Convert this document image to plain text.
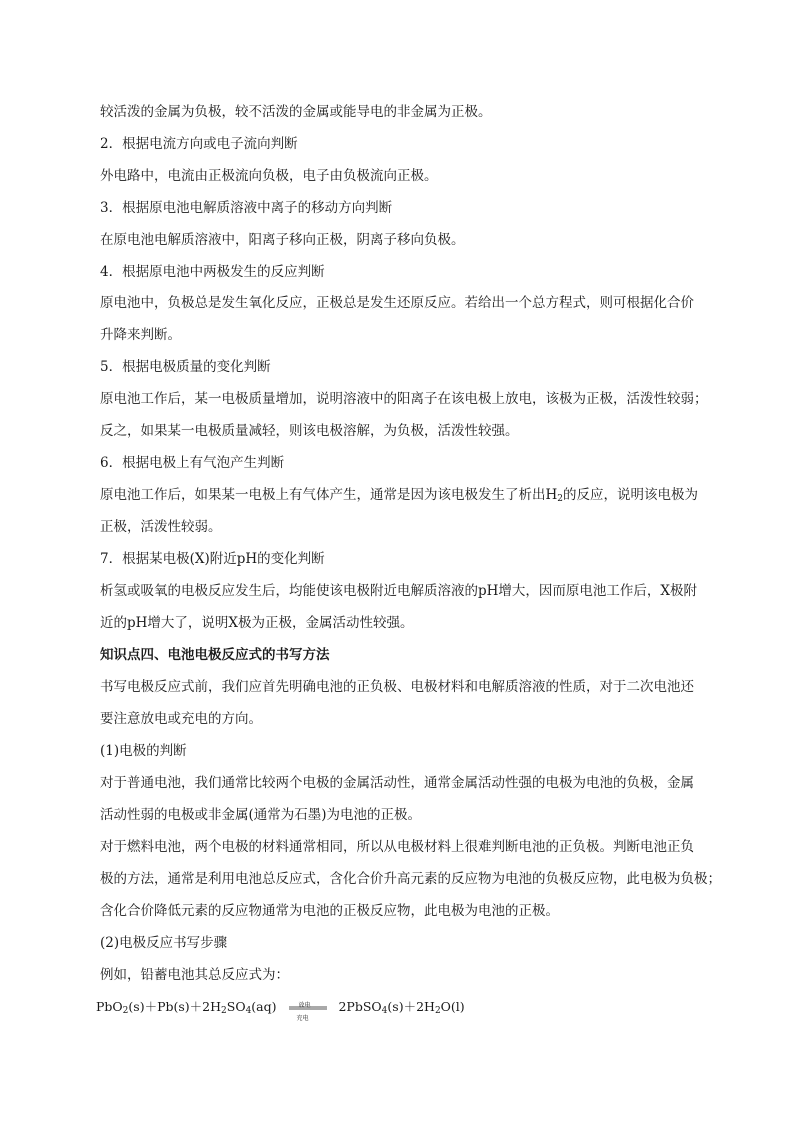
较活泼的金属为负极，较不活泼的金属或能导电的非金属为正极。
2．根据电流方向或电子流向判断
外电路中，电流由正极流向负极，电子由负极流向正极。
3．根据原电池电解质溶液中离子的移动方向判断
在原电池电解质溶液中，阳离子移向正极，阴离子移向负极。
4．根据原电池中两极发生的反应判断
原电池中，负极总是发生氧化反应，正极总是发生还原反应。若给出一个总方程式，则可根据化合价
升降来判断。
5．根据电极质量的变化判断
原电池工作后，某一电极质量增加，说明溶液中的阳离子在该电极上放电，该极为正极，活泼性较弱；
反之，如果某一电极质量减轻，则该电极溶解，为负极，活泼性较强。
6．根据电极上有气泡产生判断
原电池工作后，如果某一电极上有气体产生，通常是因为该电极发生了析出$H_2$的反应，说明该电极为
正极，活泼性较弱。
7．根据某电极(X)附近pH的变化判断
析氢或吸氧的电极反应发生后，均能使该电极附近电解质溶液的pH增大，因而原电池工作后，X极附
近的pH增大了，说明X极为正极，金属活动性较强。
知识点四、电池电极反应式的书写方法
书写电极反应式前，我们应首先明确电池的正负极、电极材料和电解质溶液的性质，对于二次电池还
要注意放电或充电的方向。
(1)电极的判断
对于普通电池，我们通常比较两个电极的金属活动性，通常金属活动性强的电极为电池的负极，金属
活动性弱的电极或非金属(通常为石墨)为电池的正极。
对于燃料电池，两个电极的材料通常相同，所以从电极材料上很难判断电池的正负极。判断电池正负
极的方法，通常是利用电池总反应式，含化合价升高元素的反应物为电池的负极反应物，此电极为负极；
含化合价降低元素的反应物通常为电池的正极反应物，此电极为电池的正极。
(2)电极反应书写步骤
例如，铅蓄电池其总反应式为：
$PbO_2(s)+Pb(s)+2H_2SO_4(aq)$	放电
充电
$2PbSO_4(s)+2H_2O(l)$
